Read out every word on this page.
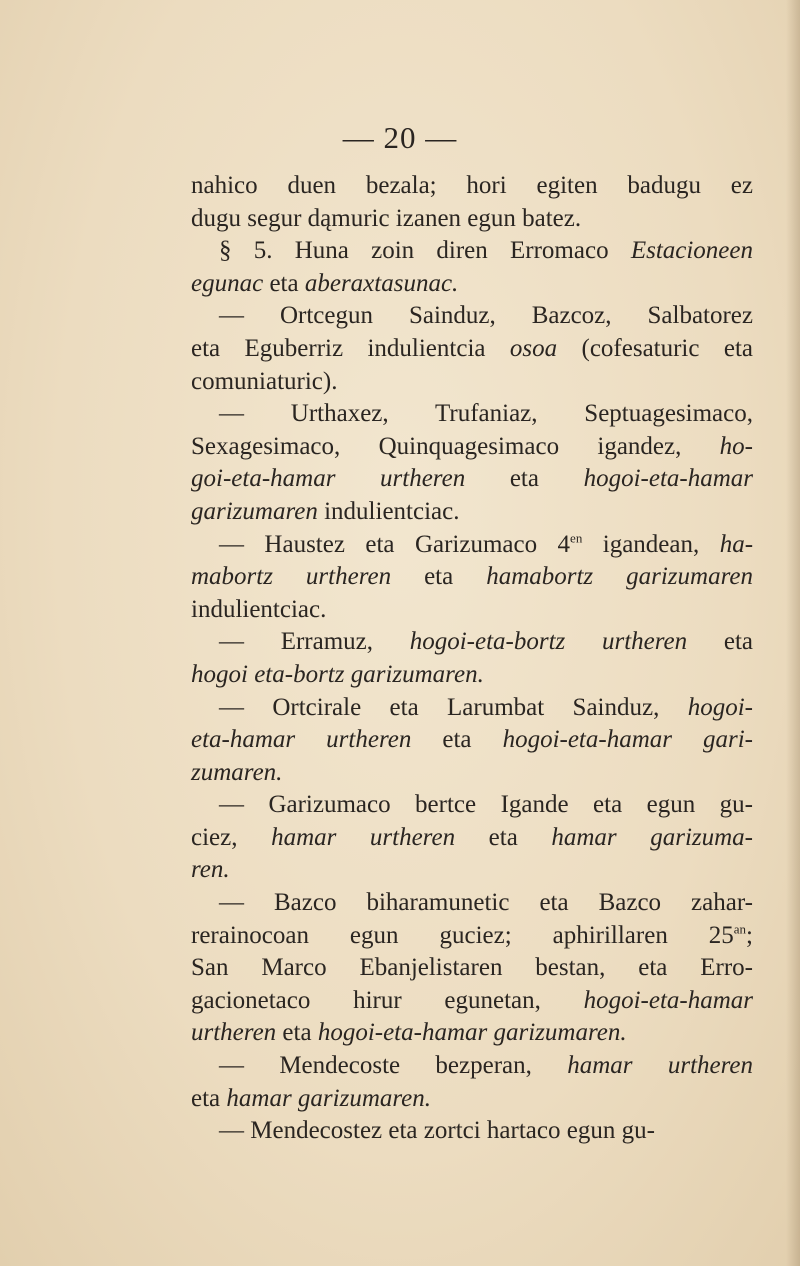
— 20 —
nahico duen bezala; hori egiten badugu ez
dugu segur dąmuric izanen egun batez.
§ 5. Huna zoin diren Erromaco Estacioneen
egunac eta aberaxtasunac.
— Ortcegun Sainduz, Bazcoz, Salbatorez
eta Eguberriz indulientcia osoa (cofesaturic eta
comuniaturic).
— Urthaxez, Trufaniaz, Septuagesimaco,
Sexagesimaco, Quinquagesimaco igandez, ho-
goi-eta-hamar urtheren eta hogoi-eta-hamar
garizumaren indulientciac.
— Haustez eta Garizumaco $4^{en}$ igandean, ha-
mabortz urtheren eta hamabortz garizumaren
indulientciac.
— Erramuz, hogoi-eta-bortz urtheren eta
hogoi eta-bortz garizumaren.
— Ortcirale eta Larumbat Sainduz, hogoi-
eta-hamar urtheren eta hogoi-eta-hamar gari-
zumaren.
— Garizumaco bertce Igande eta egun gu-
ciez, hamar urtheren eta hamar garizuma-
ren.
— Bazco biharamunetic eta Bazco zahar-
rerainocoan egun guciez; aphirillaren $25^{an}$;
San Marco Ebanjelistaren bestan, eta Erro-
gacionetaco hirur egunetan, hogoi-eta-hamar
urtheren eta hogoi-eta-hamar garizumaren.
— Mendecoste bezperan, hamar urtheren
eta hamar garizumaren.
— Mendecostez eta zortci hartaco egun gu-
